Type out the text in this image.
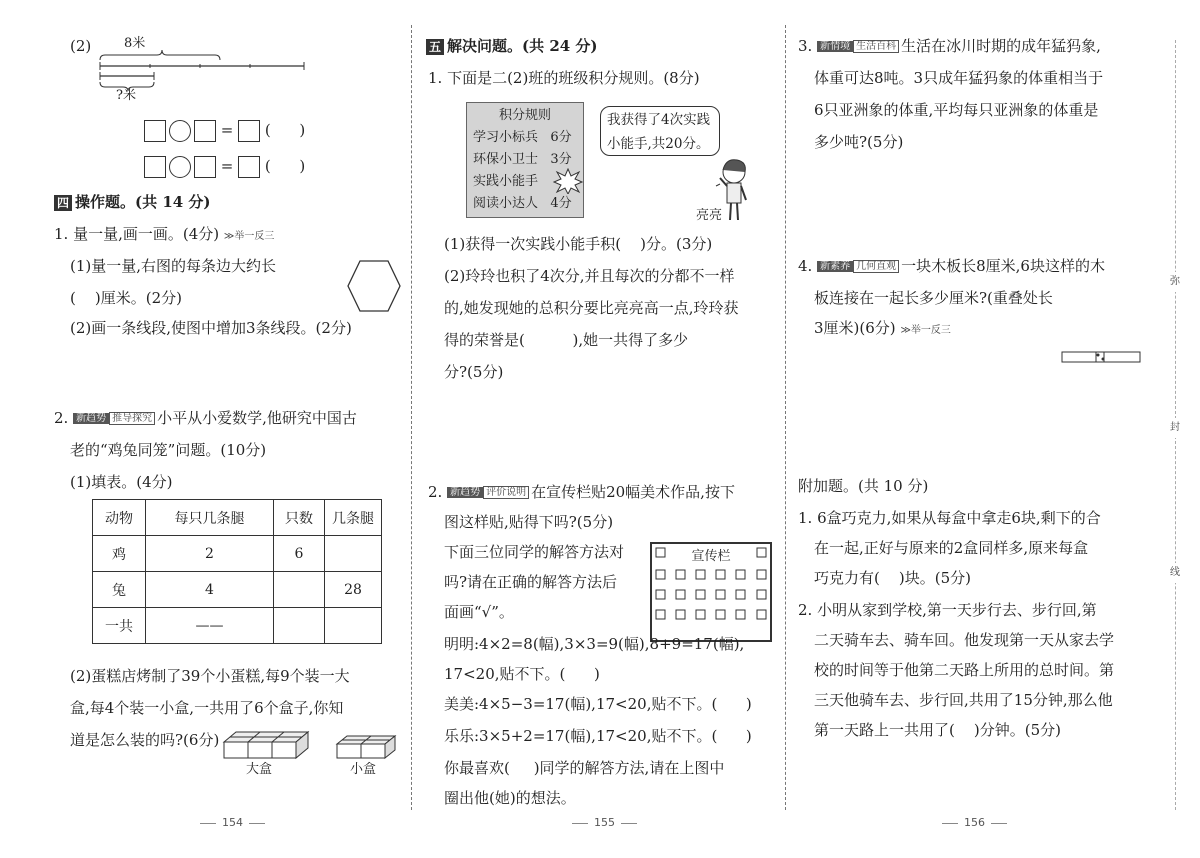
(2)	8米
?米
= (      )
= (      )
四 操作题。(共 14 分)
1. 量一量,画一画。(4分) ≫举一反三
(1)量一量,右图的每条边大约长
(    )厘米。(2分)
(2)画一条线段,使图中增加3条线段。(2分)
2. 新趋势 推导探究 小平从小爱数学,他研究中国古
老的“鸡兔同笼”问题。(10分)
(1)填表。(4分)
动物	每只几条腿	只数	几条腿
鸡	2	6	
兔	4		28
一共	——		
(2)蛋糕店烤制了39个小蛋糕,每9个装一大
盒,每4个装一小盒,一共用了6个盒子,你知
道是怎么装的吗?(6分)
大盒	小盒
五 解决问题。(共 24 分)
1. 下面是二(2)班的班级积分规则。(8分)
积分规则
学习小标兵   6分
环保小卫士   3分
实践小能手
阅读小达人   4分
我获得了4次实践
小能手,共20分。
亮亮
(1)获得一次实践小能手积(    )分。(3分)
(2)玲玲也积了4次分,并且每次的分都不一样
的,她发现她的总积分要比亮亮高一点,玲玲获
得的荣誉是(          ),她一共得了多少
分?(5分)
2. 新趋势 评价说明 在宣传栏贴20幅美术作品,按下
图这样贴,贴得下吗?(5分)
下面三位同学的解答方法对
吗?请在正确的解答方法后
面画“√”。
宣传栏
明明:4×2=8(幅),3×3=9(幅),8+9=17(幅),
17<20,贴不下。(      )
美美:4×5−3=17(幅),17<20,贴不下。(      )
乐乐:3×5+2=17(幅),17<20,贴不下。(      )
你最喜欢(     )同学的解答方法,请在上图中
圈出他(她)的想法。
3. 新情境 生活百科 生活在冰川时期的成年猛犸象,
体重可达8吨。3只成年猛犸象的体重相当于
6只亚洲象的体重,平均每只亚洲象的体重是
多少吨?(5分)
4. 新素养 几何直观 一块木板长8厘米,6块这样的木
板连接在一起长多少厘米?(重叠处长
3厘米)(6分) ≫举一反三
附加题。(共 10 分)
1. 6盒巧克力,如果从每盒中拿走6块,剩下的合
在一起,正好与原来的2盒同样多,原来每盒
巧克力有(    )块。(5分)
2. 小明从家到学校,第一天步行去、步行回,第
二天骑车去、骑车回。他发现第一天从家去学
校的时间等于他第二天路上所用的总时间。第
三天他骑车去、步行回,共用了15分钟,那么他
第一天路上一共用了(    )分钟。(5分)
弥
封
线
154	155	156
